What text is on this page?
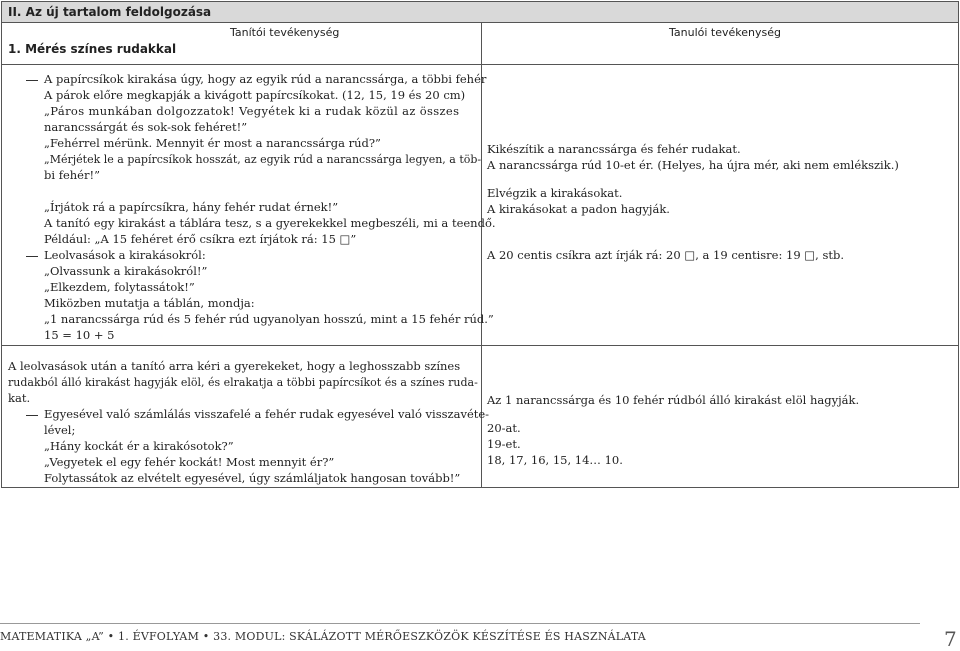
II. Az új tartalom feldolgozása
Tanítói tevékenység	Tanulói tevékenység
1. Mérés színes rudakkal
A papírcsíkok kirakása úgy, hogy az egyik rúd a narancssárga, a többi fehér
A párok előre megkapják a kivágott papírcsíkokat. (12, 15, 19 és 20 cm)
„Páros munkában dolgozzatok! Vegyétek ki a rudak közül az összes
narancssárgát és sok-sok fehéret!”
„Fehérrel mérünk. Mennyit ér most a narancssárga rúd?”
„Mérjétek le a papírcsíkok hosszát, az egyik rúd a narancssárga legyen, a töb-
bi fehér!”
„Írjátok rá a papírcsíkra, hány fehér rudat érnek!”
A tanító egy kirakást a táblára tesz, s a gyerekekkel megbeszéli, mi a teendő.
Például: „A 15 fehéret érő csíkra ezt írjátok rá: 15 □”
Leolvasások a kirakásokról:
„Olvassunk a kirakásokról!”
„Elkezdem, folytassátok!”
Miközben mutatja a táblán, mondja:
„1 narancssárga rúd és 5 fehér rúd ugyanolyan hosszú, mint a 15 fehér rúd.”
15 = 10 + 5
Kikészítik a narancssárga és fehér rudakat.
A narancssárga rúd 10-et ér. (Helyes, ha újra mér, aki nem emlékszik.)
Elvégzik a kirakásokat.
A kirakásokat a padon hagyják.
A 20 centis csíkra azt írják rá: 20 □, a 19 centisre: 19 □, stb.
A leolvasások után a tanító arra kéri a gyerekeket, hogy a leghosszabb színes
rudakból álló kirakást hagyják elöl, és elrakatja a többi papírcsíkot és a színes ruda-
kat.
Egyesével való számlálás visszafelé a fehér rudak egyesével való visszavéte-
lével;
„Hány kockát ér a kirakósotok?”
„Vegyetek el egy fehér kockát! Most mennyit ér?”
Folytassátok az elvételt egyesével, úgy számláljatok hangosan tovább!”
Az 1 narancssárga és 10 fehér rúdból álló kirakást elöl hagyják.
20-at.
19-et.
18, 17, 16, 15, 14… 10.
MATEMATIKA „A” • 1. ÉVFOLYAM • 33. MODUL: SKÁLÁZOTT MÉRŐESZKÖZÖK KÉSZÍTÉSE ÉS HASZNÁLATA	7
